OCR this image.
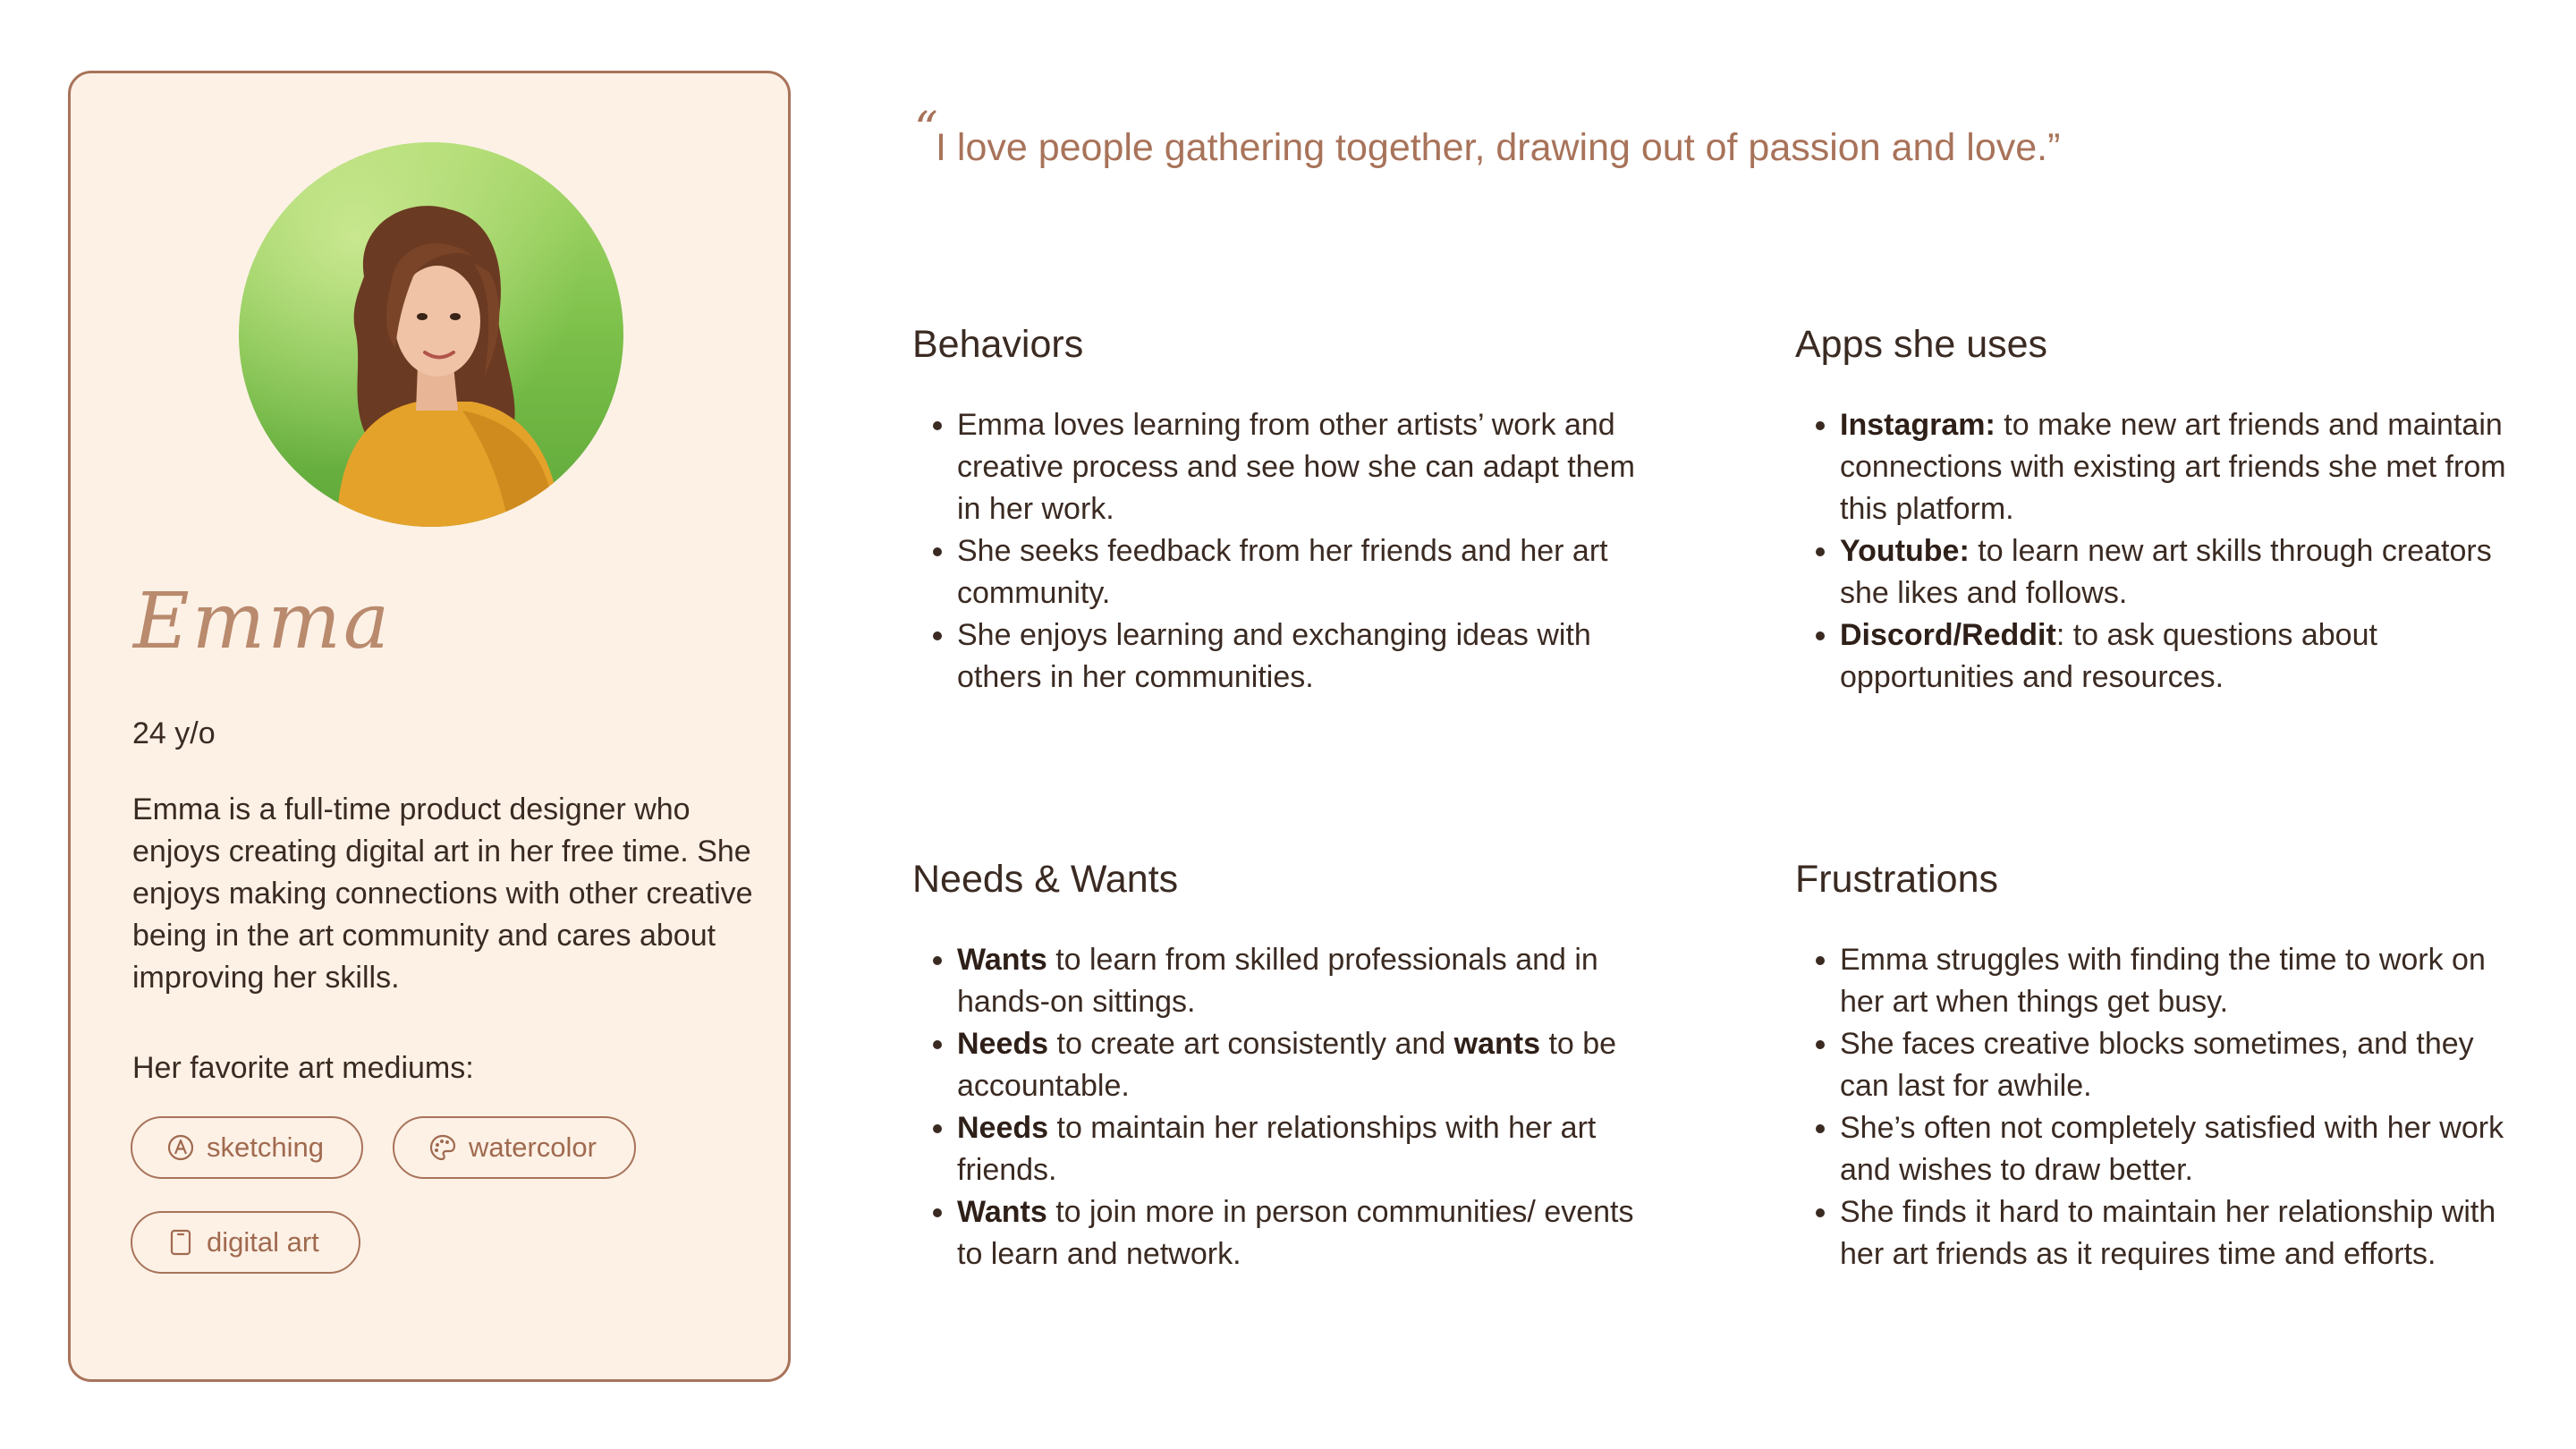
Emma
24 y/o

Emma is a full-time product designer who enjoys creating digital art in her free time. She enjoys making connections with other creative being in the art community and cares about improving her skills.

Her favorite art mediums:
sketching	watercolor
digital art
“
I love people gathering together, drawing out of passion and love.”
Behaviors
• Emma loves learning from other artists’ work and creative process and see how she can adapt them in her work.
• She seeks feedback from her friends and her art community.
• She enjoys learning and exchanging ideas with others in her communities.
Apps she uses
• Instagram: to make new art friends and maintain connections with existing art friends she met from this platform.
• Youtube: to learn new art skills through creators she likes and follows.
• Discord/Reddit: to ask questions about opportunities and resources.
Needs & Wants
• Wants to learn from skilled professionals and in hands-on sittings.
• Needs to create art consistently and wants to be accountable.
• Needs to maintain her relationships with her art friends.
• Wants to join more in person communities/ events to learn and network.
Frustrations
• Emma struggles with finding the time to work on her art when things get busy.
• She faces creative blocks sometimes, and they can last for awhile.
• She’s often not completely satisfied with her work and wishes to draw better.
• She finds it hard to maintain her relationship with her art friends as it requires time and efforts.
